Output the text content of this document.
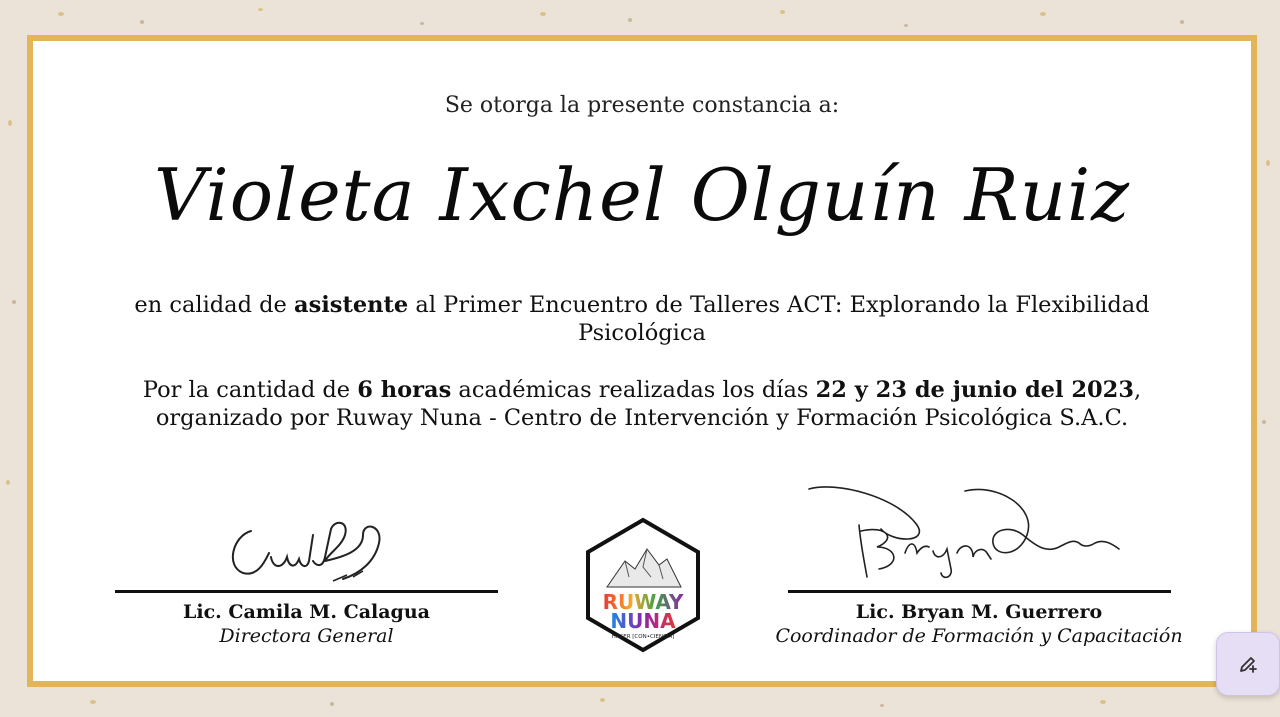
Se otorga la presente constancia a:
Violeta Ixchel Olguín Ruiz
en calidad de asistente al Primer Encuentro de Talleres ACT: Explorando la Flexibilidad Psicológica
Por la cantidad de 6 horas académicas realizadas los días 22 y 23 de junio del 2023, organizado por Ruway Nuna - Centro de Intervención y Formación Psicológica S.A.C.
Lic. Camila M. Calagua
Directora General
Lic. Bryan M. Guerrero
Coordinador de Formación y Capacitación
RUWAY
NUNA
HACER [CON•CIENCIA]
